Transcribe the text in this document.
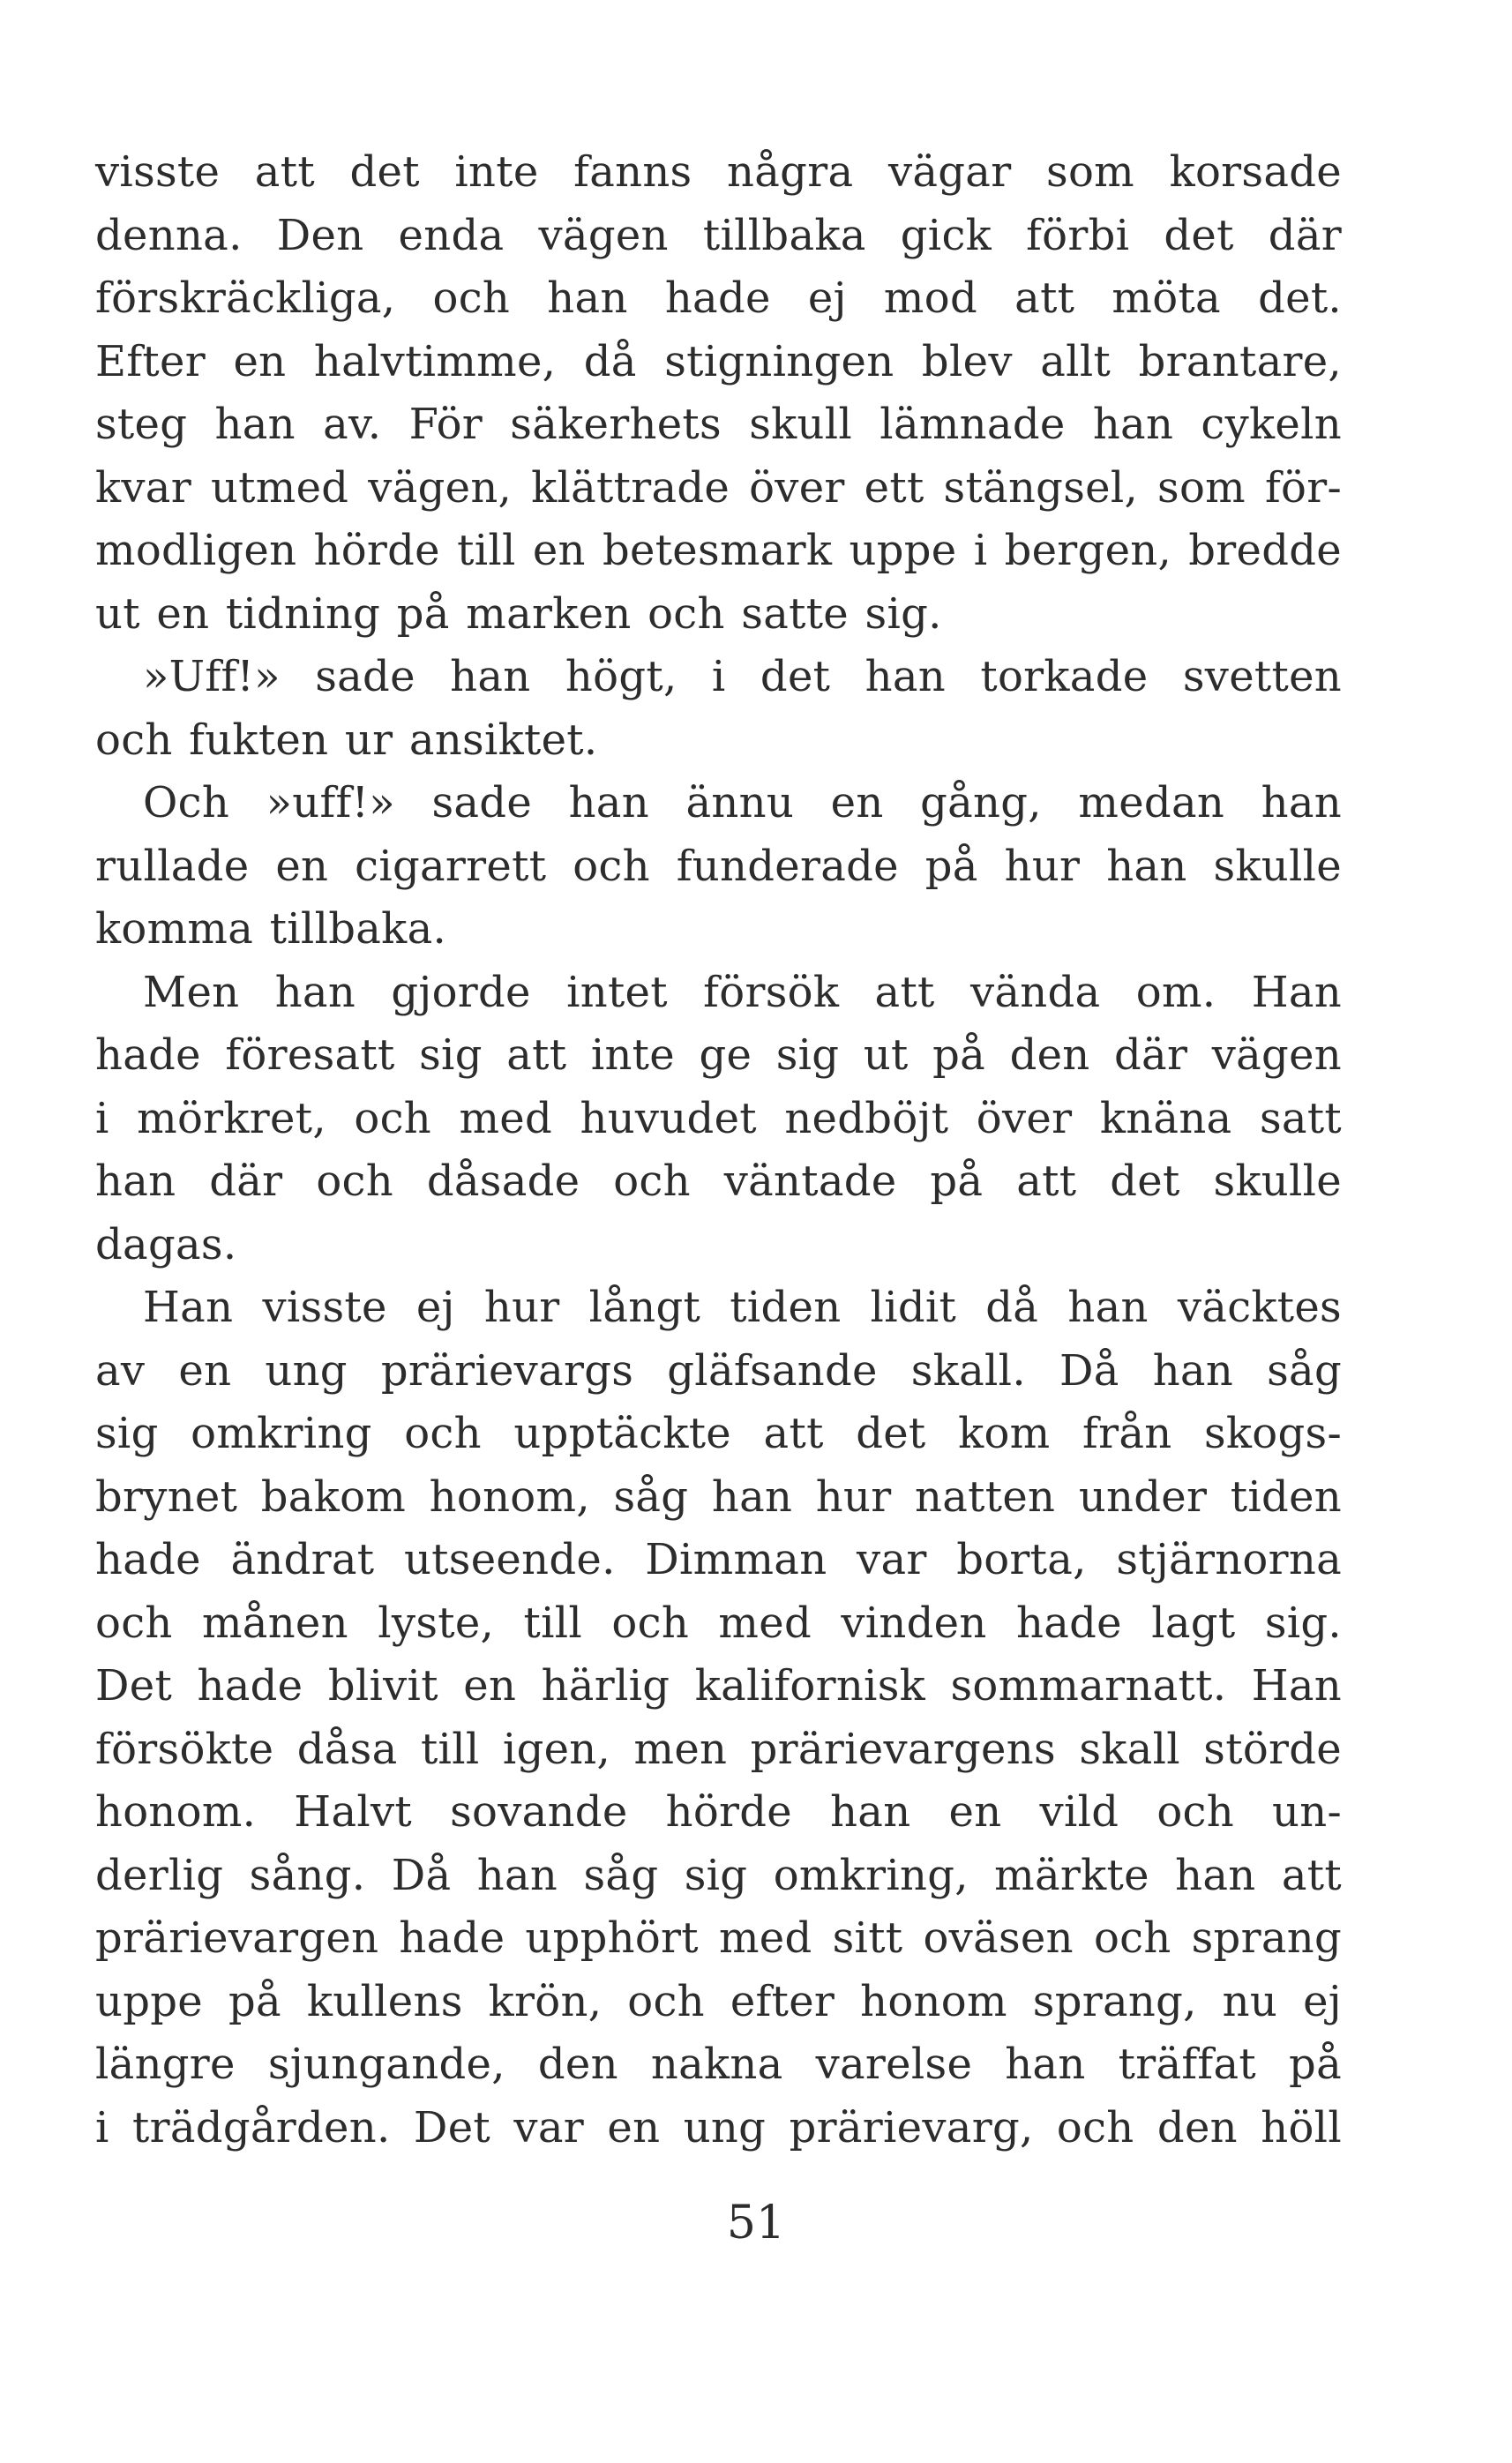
visste att det inte fanns några vägar som korsade
denna. Den enda vägen tillbaka gick förbi det där
förskräckliga, och han hade ej mod att möta det.
Efter en halvtimme, då stigningen blev allt brantare,
steg han av. För säkerhets skull lämnade han cykeln
kvar utmed vägen, klättrade över ett stängsel, som för-
modligen hörde till en betesmark uppe i bergen, bredde
ut en tidning på marken och satte sig.
»Uff!» sade han högt, i det han torkade svetten
och fukten ur ansiktet.
Och »uff!» sade han ännu en gång, medan han
rullade en cigarrett och funderade på hur han skulle
komma tillbaka.
Men han gjorde intet försök att vända om. Han
hade föresatt sig att inte ge sig ut på den där vägen
i mörkret, och med huvudet nedböjt över knäna satt
han där och dåsade och väntade på att det skulle
dagas.
Han visste ej hur långt tiden lidit då han väcktes
av en ung prärievargs gläfsande skall. Då han såg
sig omkring och upptäckte att det kom från skogs-
brynet bakom honom, såg han hur natten under tiden
hade ändrat utseende. Dimman var borta, stjärnorna
och månen lyste, till och med vinden hade lagt sig.
Det hade blivit en härlig kalifornisk sommarnatt. Han
försökte dåsa till igen, men prärievargens skall störde
honom. Halvt sovande hörde han en vild och un-
derlig sång. Då han såg sig omkring, märkte han att
prärievargen hade upphört med sitt oväsen och sprang
uppe på kullens krön, och efter honom sprang, nu ej
längre sjungande, den nakna varelse han träffat på
i trädgården. Det var en ung prärievarg, och den höll
51
